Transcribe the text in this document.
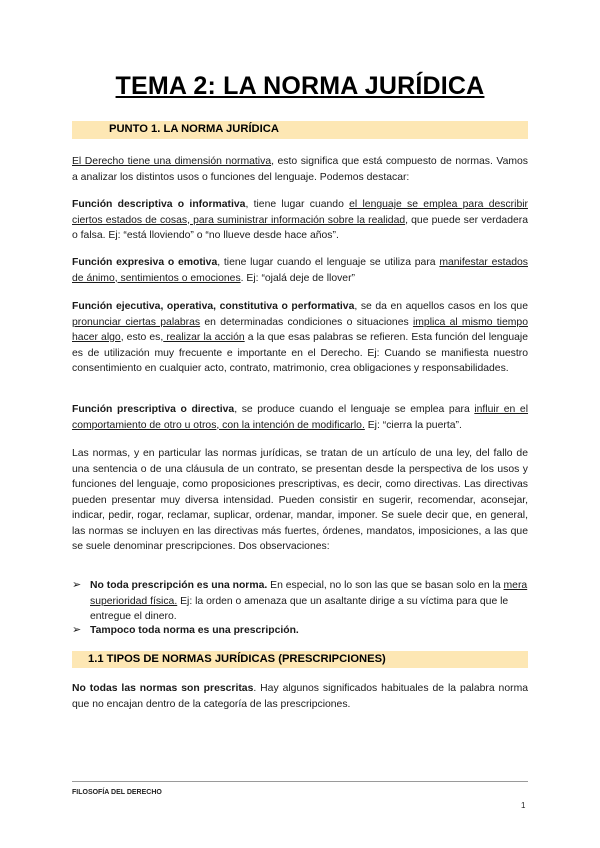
TEMA 2: LA NORMA JURÍDICA
PUNTO 1. LA NORMA JURÍDICA

El Derecho tiene una dimensión normativa, esto significa que está compuesto de normas. Vamos a analizar los distintos usos o funciones del lenguaje. Podemos destacar:

Función descriptiva o informativa, tiene lugar cuando el lenguaje se emplea para describir ciertos estados de cosas, para suministrar información sobre la realidad, que puede ser verdadera o falsa. Ej: “está lloviendo” o “no llueve desde hace años”.

Función expresiva o emotiva, tiene lugar cuando el lenguaje se utiliza para manifestar estados de ánimo, sentimientos o emociones. Ej: “ojalá deje de llover”

Función ejecutiva, operativa, constitutiva o performativa, se da en aquellos casos en los que pronunciar ciertas palabras en determinadas condiciones o situaciones implica al mismo tiempo hacer algo, esto es, realizar la acción a la que esas palabras se refieren. Esta función del lenguaje es de utilización muy frecuente e importante en el Derecho. Ej: Cuando se manifiesta nuestro consentimiento en cualquier acto, contrato, matrimonio, crea obligaciones y responsabilidades.

Función prescriptiva o directiva, se produce cuando el lenguaje se emplea para influir en el comportamiento de otro u otros, con la intención de modificarlo. Ej: “cierra la puerta”.

Las normas, y en particular las normas jurídicas, se tratan de un artículo de una ley, del fallo de una sentencia o de una cláusula de un contrato, se presentan desde la perspectiva de los usos y funciones del lenguaje, como proposiciones prescriptivas, es decir, como directivas. Las directivas pueden presentar muy diversa intensidad. Pueden consistir en sugerir, recomendar, aconsejar, indicar, pedir, rogar, reclamar, suplicar, ordenar, mandar, imponer. Se suele decir que, en general, las normas se incluyen en las directivas más fuertes, órdenes, mandatos, imposiciones, a las que se suele denominar prescripciones. Dos observaciones:

➢ No toda prescripción es una norma. En especial, no lo son las que se basan solo en la mera superioridad física. Ej: la orden o amenaza que un asaltante dirige a su víctima para que le entregue el dinero.

➢ Tampoco toda norma es una prescripción.

1.1 TIPOS DE NORMAS JURÍDICAS (PRESCRIPCIONES)

No todas las normas son prescritas. Hay algunos significados habituales de la palabra norma que no encajan dentro de la categoría de las prescripciones.

FILOSOFÍA DEL DERECHO
1
